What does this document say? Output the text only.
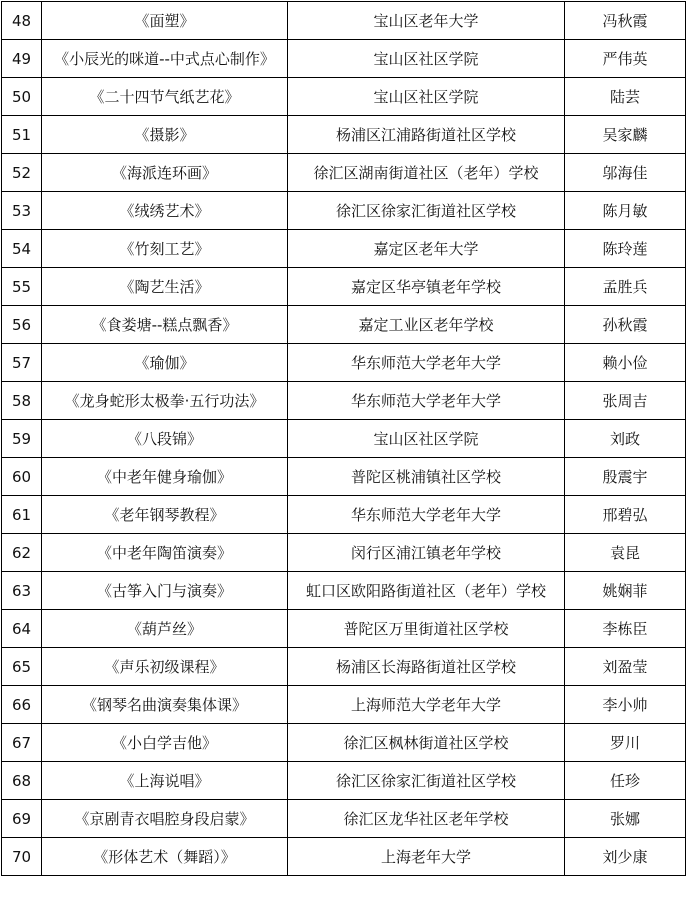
48	《面塑》	宝山区老年大学	冯秋霞
49	《小辰光的咪道--中式点心制作》	宝山区社区学院	严伟英
50	《二十四节气纸艺花》	宝山区社区学院	陆芸
51	《摄影》	杨浦区江浦路街道社区学校	吴家麟
52	《海派连环画》	徐汇区湖南街道社区（老年）学校	邬海佳
53	《绒绣艺术》	徐汇区徐家汇街道社区学校	陈月敏
54	《竹刻工艺》	嘉定区老年大学	陈玲莲
55	《陶艺生活》	嘉定区华亭镇老年学校	孟胜兵
56	《食娄塘--糕点飘香》	嘉定工业区老年学校	孙秋霞
57	《瑜伽》	华东师范大学老年大学	赖小俭
58	《龙身蛇形太极拳·五行功法》	华东师范大学老年大学	张周吉
59	《八段锦》	宝山区社区学院	刘政
60	《中老年健身瑜伽》	普陀区桃浦镇社区学校	殷震宇
61	《老年钢琴教程》	华东师范大学老年大学	邢碧弘
62	《中老年陶笛演奏》	闵行区浦江镇老年学校	袁昆
63	《古筝入门与演奏》	虹口区欧阳路街道社区（老年）学校	姚娴菲
64	《葫芦丝》	普陀区万里街道社区学校	李栋臣
65	《声乐初级课程》	杨浦区长海路街道社区学校	刘盈莹
66	《钢琴名曲演奏集体课》	上海师范大学老年大学	李小帅
67	《小白学吉他》	徐汇区枫林街道社区学校	罗川
68	《上海说唱》	徐汇区徐家汇街道社区学校	任珍
69	《京剧青衣唱腔身段启蒙》	徐汇区龙华社区老年学校	张娜
70	《形体艺术（舞蹈）》	上海老年大学	刘少康
